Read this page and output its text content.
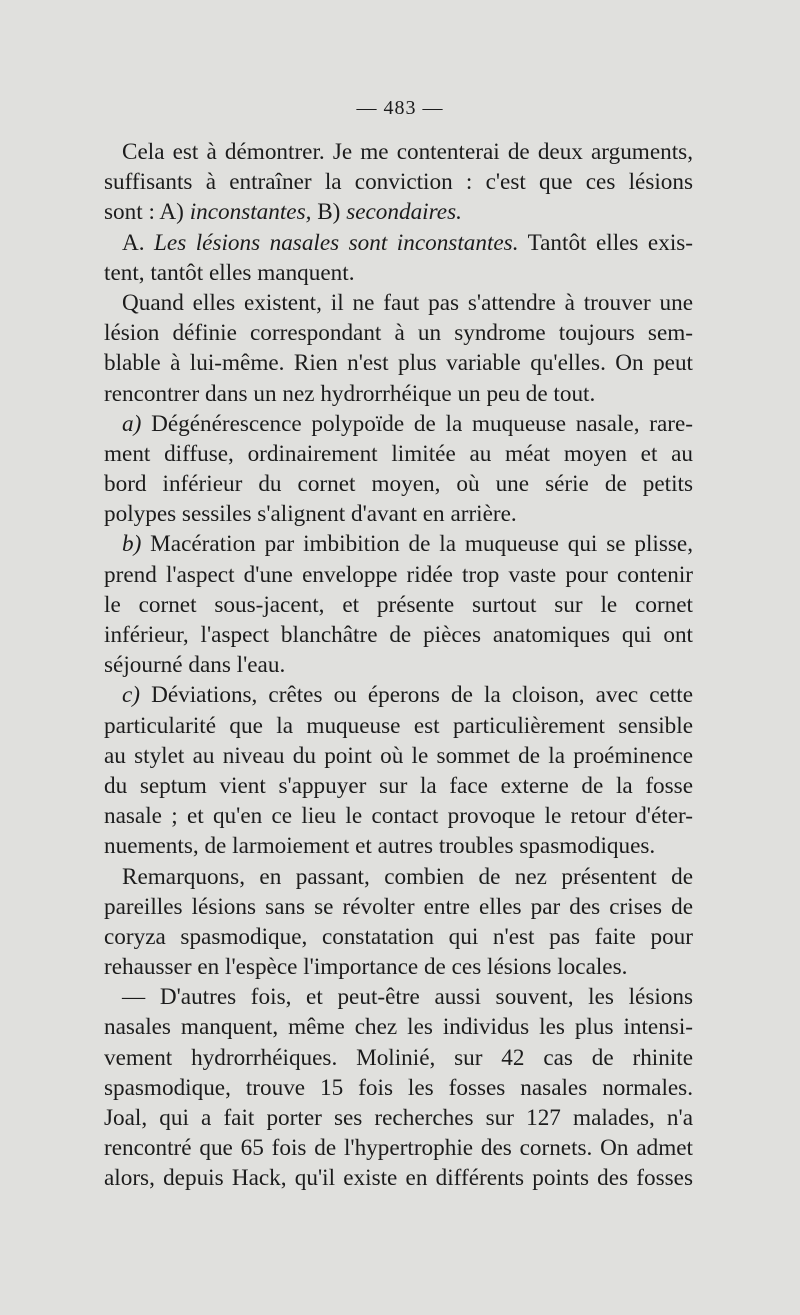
— 483 —
Cela est à démontrer. Je me contenterai de deux arguments,
suffisants à entraîner la conviction : c'est que ces lésions
sont : A) inconstantes, B) secondaires.
A. Les lésions nasales sont inconstantes. Tantôt elles exis-
tent, tantôt elles manquent.
Quand elles existent, il ne faut pas s'attendre à trouver une
lésion définie correspondant à un syndrome toujours sem-
blable à lui-même. Rien n'est plus variable qu'elles. On peut
rencontrer dans un nez hydrorrhéique un peu de tout.
a) Dégénérescence polypoïde de la muqueuse nasale, rare-
ment diffuse, ordinairement limitée au méat moyen et au
bord inférieur du cornet moyen, où une série de petits
polypes sessiles s'alignent d'avant en arrière.
b) Macération par imbibition de la muqueuse qui se plisse,
prend l'aspect d'une enveloppe ridée trop vaste pour contenir
le cornet sous-jacent, et présente surtout sur le cornet
inférieur, l'aspect blanchâtre de pièces anatomiques qui ont
séjourné dans l'eau.
c) Déviations, crêtes ou éperons de la cloison, avec cette
particularité que la muqueuse est particulièrement sensible
au stylet au niveau du point où le sommet de la proéminence
du septum vient s'appuyer sur la face externe de la fosse
nasale ; et qu'en ce lieu le contact provoque le retour d'éter-
nuements, de larmoiement et autres troubles spasmodiques.
Remarquons, en passant, combien de nez présentent de
pareilles lésions sans se révolter entre elles par des crises de
coryza spasmodique, constatation qui n'est pas faite pour
rehausser en l'espèce l'importance de ces lésions locales.
— D'autres fois, et peut-être aussi souvent, les lésions
nasales manquent, même chez les individus les plus intensi-
vement hydrorrhéiques. Molinié, sur 42 cas de rhinite
spasmodique, trouve 15 fois les fosses nasales normales.
Joal, qui a fait porter ses recherches sur 127 malades, n'a
rencontré que 65 fois de l'hypertrophie des cornets. On admet
alors, depuis Hack, qu'il existe en différents points des fosses
